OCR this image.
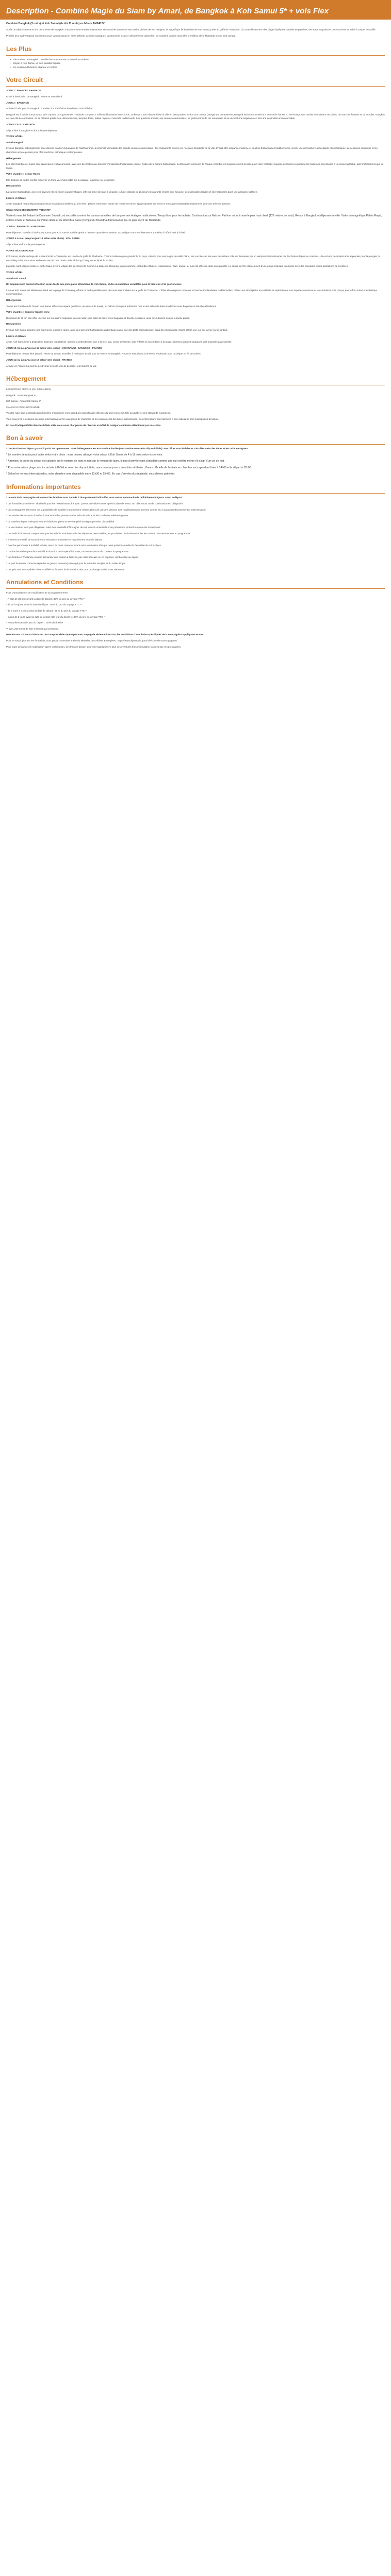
Description - Combiné Magie du Siam by Amari, de Bangkok à Koh Samui 5* + vols Flex

Combiné Bangkok (3 nuits) et Koh Samui (de 4 à 11 nuits) en hôtels AMARI 5*

Après un séjour intense et à la découverte de Bangkok, à explorer ses temples majestueux, ses marchés animés et ses ruelles pleines de vie, rejoignez la magnifique île balnéaire de Koh Samui, perle du golfe de Thaïlande. Là, vous découvrirez des plages idylliques bordées de palmiers, des eaux turquoise et des couchers de soleil à couper le souffle.

Profitez d'un cadre tropical enchanteur pour vous ressourcer, entre détente, activités nautiques, gastronomie locale et découvertes culturelles. Ce combiné unique vous offre le meilleur de la Thaïlande en un seul voyage.

Les Plus
• Découverte de Bangkok, une ville fascinante entre modernité et tradition
• Séjour à Koh Samui, un petit paradis tropical
• Un combiné d'hôtels 5* charme et confort
Votre Circuit

JOUR 1 : FRANCE - BANGKOK

Envol à destination de Bangkok. Repas et nuit à bord.

JOUR 2 : BANGKOK

Arrivée à l'aéroport de Bangkok. Transfert à votre hôtel et installation. Nuit à l'hôtel.

Bangkok est à la fois une province et la capitale du royaume de Thaïlande comptant 7 millions d'habitants intra-muros. Le fleuve Chao Phraya divise la ville en deux parties. Grâce aux canaux (klongs) qui la traversent, Bangkok était surnommée la « Venise de l'Orient ». Ses klongs sont bordés de maisons sur pilotis, de marchés flottants et de temples. Bangkok est une cité de contrastes, où se côtoient gratte-ciels ultramodernes, temples dorés, palais royaux et marchés traditionnels. Ses quartiers animés, ses centres commerciaux, sa gastronomie de rue renommée et sa vie nocturne trépidante en font une destination incontournable.

JOURS 3 & 4 : BANGKOK

Séjour libre à Bangkok en formule petit-déjeuner.

VOTRE HÔTEL

Amari Bangkok

L'Amari Bangkok est idéalement situé dans le quartier dynamique de Ratchaprarop, à proximité immédiate des grands centres commerciaux, des restaurants et de la vie nocturne trépidante de la ville. L'hôtel offre élégance moderne et touches thaïlandaises traditionnelles, créant une atmosphère accueillante et sophistiquée. Les espaces communs et les chambres ont été pensés pour offrir confort et esthétique contemporaine.

Hébergement

Les 163 chambres et suites sont spacieuses et chaleureuses, avec une décoration aux touches d'inspiration thaïlandaise unique. Faites de la culture thaïlandaise, la décoration intérieure de chaque chambre est soigneusement pensée pour votre confort et équipée de tous les équipements modernes nécessaires à un séjour agréable, tant professionnel que de loisirs.

Votre chambre : Deluxe Room

Elle dispose de tout le confort moderne et d'une vue imprenable sur la capitale, la piscine ou les jardins.

Restauration

La cuisine thaïlandaise, avec ses saveurs et ses épices caractéristiques, offre un panel de plats à déguster. L'hôtel dispose de plusieurs restaurants et bars pour savourer des spécialités locales et internationales dans une ambiance raffinée.

Loisirs et détente

Amari Bangkok met à disposition plusieurs installations dédiées au bien-être : piscine extérieure, centre de remise en forme, spa proposant des soins et massages thaïlandais traditionnels pour une détente absolue.

Séjour SANS DÉCOUVERTE "PRIVATE"

Visite du marché flottant de Damnoen Saduak, où vous découvrirez les canaux au milieu de barques aux étalages multicolores. Temps libre pour les achats. Continuation sur Nakhon Pathom où se trouve le plus haut chedi (127 mètres de haut). Retour à Bangkok et déjeuner en ville. Visite du magnifique Palais Royal, édifice ornant et fastueux du XVIIIe siècle et du Wat Phra Kaew (Temple du Bouddha d'Émeraude), lieu le plus sacré de Thaïlande.

JOUR 5 : BANGKOK - KOH SAMUI

Petit-déjeuner. Transfert à l'aéroport. Envol pour Koh Samui. Arrivée après 1 heure et quart de vol environ. Accueil par notre représentant et transfert à l'hôtel. Nuit à l'hôtel.

JOURS 6 À 9 ou jusqu'au jour 14 selon votre choix) : KOH SAMUI

Séjour libre en formule petit-déjeuner.

VOTRE SÉJOUR PLAGE

Koh Samui, située au large de la côte Est de la Thaïlande, est une île du golfe de Thaïlande. C'est la troisième plus grande île du pays, célèbre pour ses plages de sable blanc, ses cocotiers et ses eaux cristallines. Elle est desservie par un aéroport international et par des ferries depuis le continent. L'île est une destination très appréciée pour la plongée, le snorkeling et les excursions en bateau vers le parc marin national d'Ang Thong, un archipel de 42 îles.

La partie nord est plus calme et authentique avec le village des pêcheurs de Bophut. La plage de Chaweng, la plus animée, est bordée d'hôtels, restaurants et bars. Lamai, au sud-est, offre un cadre plus paisible. Le centre de l'île est recouvert d'une jungle tropicale luxuriante avec des cascades et des plantations de cocotiers.

VOTRE HÔTEL

Amari Koh Samui

Un emplacement central offrant un accès facile aux principales attractions de Koh Samui, et des installations complètes pour le bien-être et la gastronomie.

L'Amari Koh Samui est idéalement situé sur la plage de Chaweng, offrant un cadre paisible avec des vues imprenables sur le golfe de Thaïlande. L'hôtel allie élégance moderne et touches thaïlandaises traditionnelles, créant une atmosphère accueillante et sophistiquée. Les espaces communs et les chambres sont conçus pour offrir confort et esthétique contemporaine.

Hébergement

Toutes les chambres de l'Amari Koh Samui offrent un espace généreux, un espace de travail, un balcon privé pour admirer la mer et des salles de bains modernes avec baignoire et douche à l'italienne.

Votre chambre : Superior Garden View

Disposant de 33 m², elle offre une vue sur les jardins tropicaux, un coin salon, une salle de bains avec baignoire et douche séparées, ainsi qu'un balcon ou une terrasse privée.

Restauration

L'Amari Koh Samui propose une expérience culinaire variée, avec des saveurs thaïlandaises authentiques ainsi que des plats internationaux, dans des restaurants et bars offrant une vue sur la mer ou les jardins.

Loisirs et détente

Amari Koh Samui met à disposition plusieurs installations : piscine à débordement face à la mer, spa, centre de fitness, club enfants et accès direct à la plage. Diverses activités nautiques sont proposées à proximité.

JOUR 10 (ou jusqu'au jour 14 selon votre choix) : KOH SAMUI - BANGKOK - FRANCE

Petit-déjeuner. Temps libre jusqu'à l'heure de départ. Transfert à l'aéroport. Envol pour la France via Bangkok. Repas et nuit à bord. (Arrivée le lendemain pour un départ en fin de soirée.)

JOUR 11 (ou jusqu'au jour 17 selon votre choix) : FRANCE

Arrivée en France. La journée peut varier selon la ville de départ et les horaires de vol.

Hébergement

LES HÔTELS PRÉVUS (OU SIMILAIRES) :

Bangkok : Amari Bangkok 5*

Koh Samui : Amari Koh Samui 5*

CLASSIFICATION HÔTELIÈRE

Veuillez noter que la classification hôtelière mentionnée correspond à la classification officielle du pays concerné. Elle peut différer des standards européens.

Vous trouverez ci-dessous quelques informations sur les catégories de chambres et les équipements des hôtels sélectionnés. Ces informations sont données à titre indicatif et sont susceptibles d'évoluer.

En cas d'indisponibilité dans les hôtels cités nous nous chargerons de réserver un hôtel de catégorie similaire sélectionné par nos soins.

Bon à savoir

* Ce circuit est en départ garanti à partir de 2 personnes. Votre hébergement est en chambre double (ou chambre twin selon disponibilités). Nos offres sont établies et calculées selon les dates et les tarifs en vigueur.

* Le nombre de nuits peut varier selon votre choix : vous pouvez allonger votre séjour à Koh Samui de 4 à 11 nuits selon vos envies.

* Attention, la durée du séjour est calculée sur le nombre de nuits et non sur le nombre de jours, le jour d'arrivée étant considéré comme une nuit entière même s'il s'agit d'un vol de nuit.

* Pour votre séjour plage, à votre arrivée à l'hôtel et selon les disponibilités, une chambre pourra vous être attribuée ; l'heure officielle de l'arrivée en chambre est cependant fixée à 14h00 et le départ à 12h00.

* Selon les normes internationales, votre chambre sera disponible entre 12h30 et 15h00. En cas d'arrivée plus matinale, vous devrez patienter.

Informations importantes

* Le nom de la compagnie aérienne et les horaires sont donnés à titre purement indicatif et vous seront communiqués définitivement 8 jours avant le départ.

* Les formalités d'entrée en Thaïlande pour les ressortissants français : passeport valide 6 mois après la date de retour. Un billet retour ou de continuation est obligatoire.

* Les compagnies aériennes ont la possibilité de modifier leurs horaires et leurs plans de vol sans préavis. Ces modifications ne peuvent donner lieu à aucun remboursement ni indemnisation.

* Les durées de vols sont données à titre indicatif et peuvent varier selon la saison et les conditions météorologiques.

* Le transfert depuis l'aéroport vers les hôtels est prévu en service privé ou regroupé selon disponibilité.

* La vaccination n'est pas obligatoire, mais il est conseillé d'être à jour de ses vaccins universels et de prévoir une protection contre les moustiques.

* Les tarifs indiqués ne comprennent pas les frais de visa éventuels, les dépenses personnelles, les pourboires, les boissons et les excursions non mentionnées au programme.

* Il est recommandé de souscrire une assurance annulation et rapatriement avant le départ.

* Pour les personnes à mobilité réduite, merci de nous contacter avant votre réservation afin que nous puissions étudier la faisabilité de votre séjour.

* L'ordre des visites peut être modifié en fonction des impératifs locaux, tout en respectant le contenu du programme.

* Les hôtels en Thaïlande peuvent demander une caution à l'arrivée, par carte bancaire ou en espèces, remboursée au départ.

* Le port de tenues correctes (épaules et genoux couverts) est exigé pour la visite des temples et du Palais Royal.

* Les prix sont susceptibles d'être modifiés en fonction de la variation des taux de change et des taxes aériennes.

Annulations et Conditions

Frais d'annulation et de modification de la programme Flex :

- À plus de 30 jours avant la date de départ : 45% du prix du voyage TTC **

- de 30 à 8 jours avant la date de départ : 80% du prix du voyage TTC **

- de 7 jours à 2 jours avant la date de départ : 95 % du prix du voyage TTC **

- moins de 2 jours avant la date de départ et le jour du départ : 100% du prix du voyage TTC **

- Non présentation le jour du départ : 100% du dossier

** avec 250 euros de frais minimum par personne.

IMPORTANT ! Si vous choisissez un transport aérien opéré par une compagnie aérienne low-cost, les conditions d'annulation spécifiques de la compagnie s'appliquent en sus.

Pour en savoir plus sur les formalités, vous pouvez consulter le site du Ministère des Affaires Étrangères : https://www.diplomatie.gouv.fr/fr/conseils-aux-voyageurs/

Pour toute demande de modification après confirmation, des frais de dossier pourront s'appliquer en plus des éventuels frais d'annulation facturés par nos prestataires.
